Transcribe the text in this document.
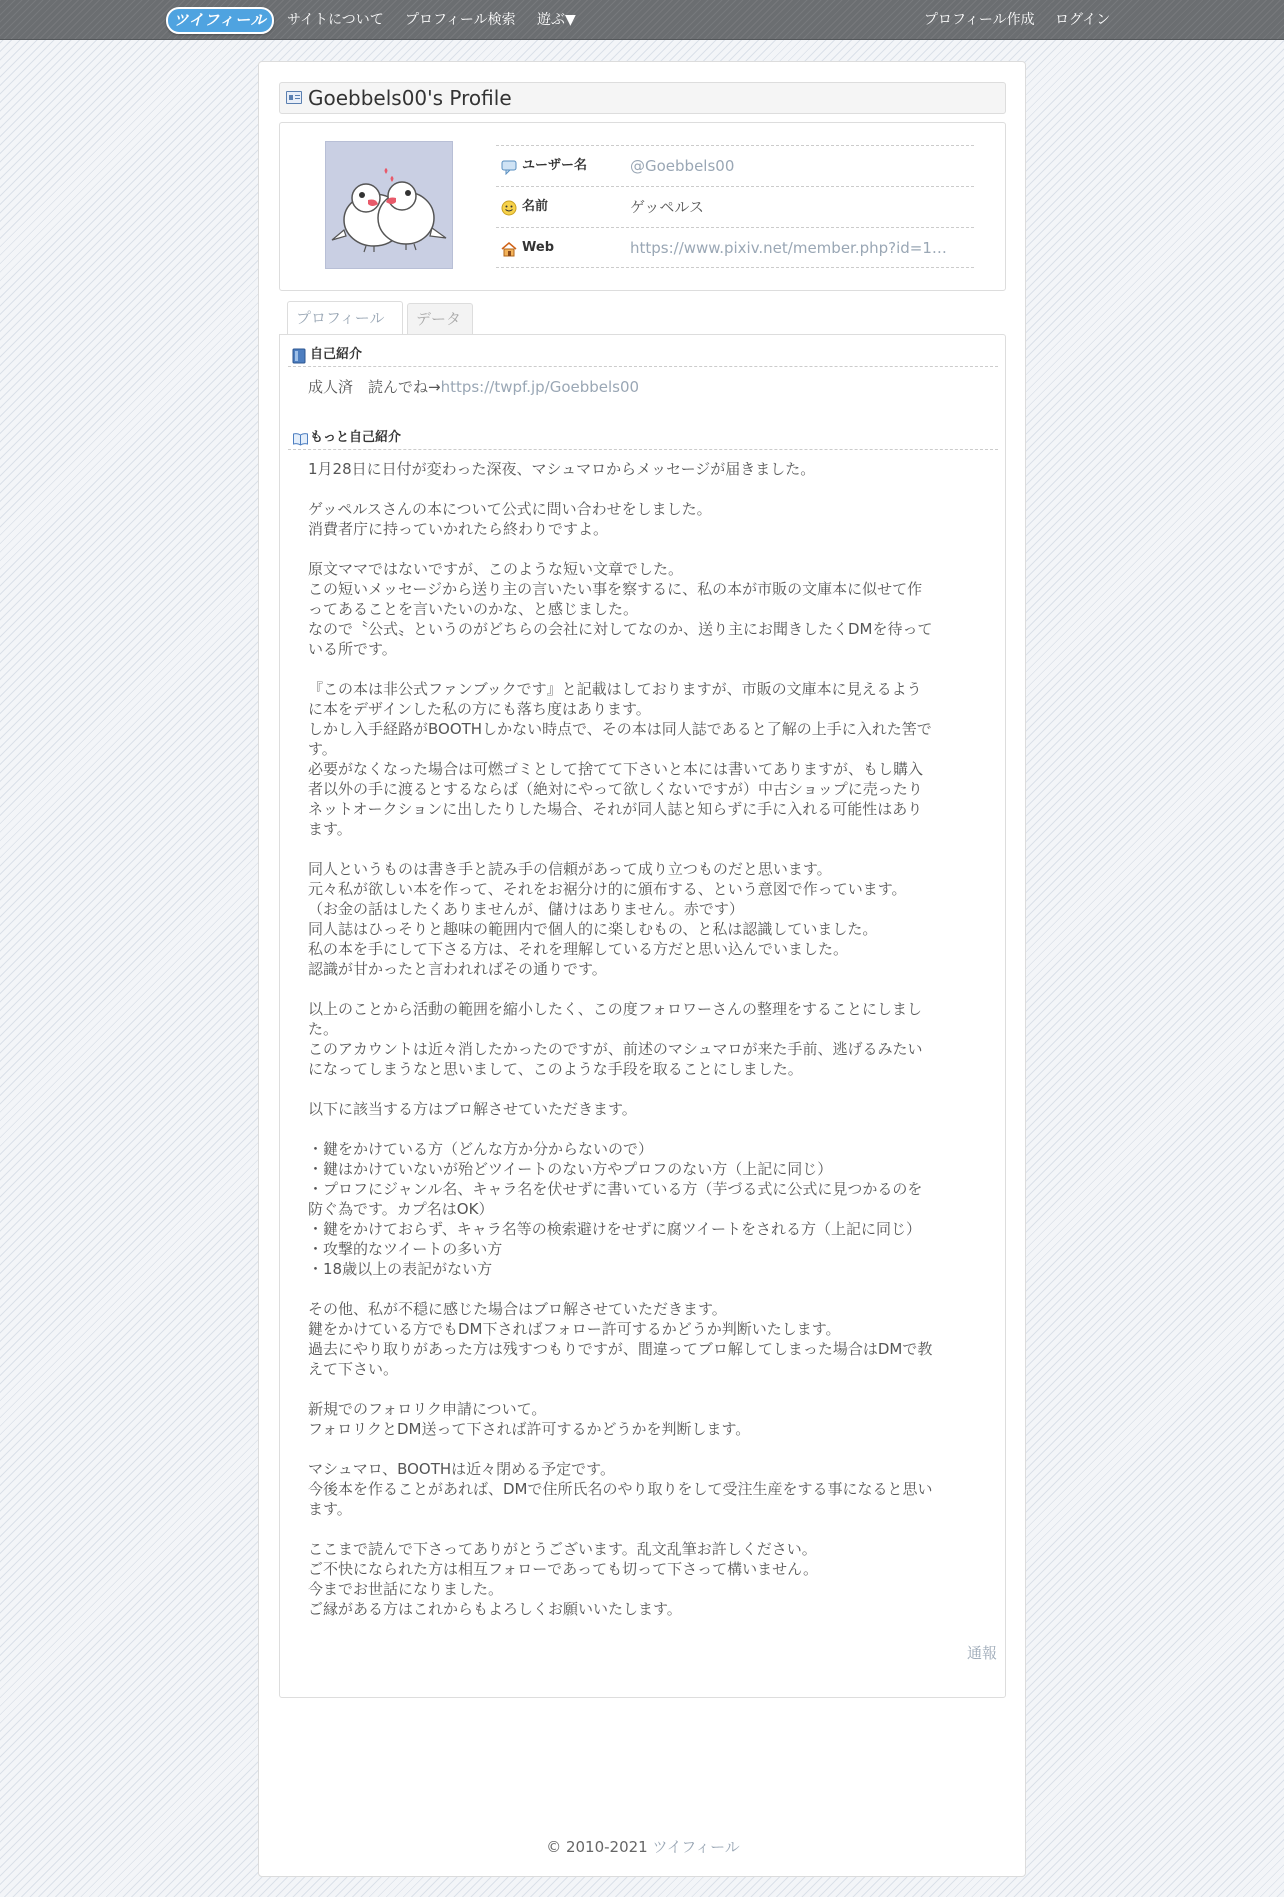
ツイフィール	サイトについて プロフィール検索 遊ぶ▼	プロフィール作成 ログイン
Goebbels00's Profile
ユーザー名	@Goebbels00
名前	ゲッペルス
Web	https://www.pixiv.net/member.php?id=1…
プロフィール	データ
自己紹介
成人済　読んでね→https://twpf.jp/Goebbels00
もっと自己紹介
1月28日に日付が変わった深夜、マシュマロからメッセージが届きました。
ゲッペルスさんの本について公式に問い合わせをしました。
消費者庁に持っていかれたら終わりですよ。
原文ママではないですが、このような短い文章でした。
この短いメッセージから送り主の言いたい事を察するに、私の本が市販の文庫本に似せて作
ってあることを言いたいのかな、と感じました。
なので〝公式〟というのがどちらの会社に対してなのか、送り主にお聞きしたくDMを待って
いる所です。
『この本は非公式ファンブックです』と記載はしておりますが、市販の文庫本に見えるよう
に本をデザインした私の方にも落ち度はあります。
しかし入手経路がBOOTHしかない時点で、その本は同人誌であると了解の上手に入れた筈で
す。
必要がなくなった場合は可燃ゴミとして捨てて下さいと本には書いてありますが、もし購入
者以外の手に渡るとするならば（絶対にやって欲しくないですが）中古ショップに売ったり
ネットオークションに出したりした場合、それが同人誌と知らずに手に入れる可能性はあり
ます。
同人というものは書き手と読み手の信頼があって成り立つものだと思います。
元々私が欲しい本を作って、それをお裾分け的に頒布する、という意図で作っています。
（お金の話はしたくありませんが、儲けはありません。赤です）
同人誌はひっそりと趣味の範囲内で個人的に楽しむもの、と私は認識していました。
私の本を手にして下さる方は、それを理解している方だと思い込んでいました。
認識が甘かったと言われればその通りです。
以上のことから活動の範囲を縮小したく、この度フォロワーさんの整理をすることにしまし
た。
このアカウントは近々消したかったのですが、前述のマシュマロが来た手前、逃げるみたい
になってしまうなと思いまして、このような手段を取ることにしました。
以下に該当する方はブロ解させていただきます。
・鍵をかけている方（どんな方か分からないので）
・鍵はかけていないが殆どツイートのない方やプロフのない方（上記に同じ）
・プロフにジャンル名、キャラ名を伏せずに書いている方（芋づる式に公式に見つかるのを
防ぐ為です。カプ名はOK）
・鍵をかけておらず、キャラ名等の検索避けをせずに腐ツイートをされる方（上記に同じ）
・攻撃的なツイートの多い方
・18歳以上の表記がない方
その他、私が不穏に感じた場合はブロ解させていただきます。
鍵をかけている方でもDM下さればフォロー許可するかどうか判断いたします。
過去にやり取りがあった方は残すつもりですが、間違ってブロ解してしまった場合はDMで教
えて下さい。
新規でのフォロリク申請について。
フォロリクとDM送って下されば許可するかどうかを判断します。
マシュマロ、BOOTHは近々閉める予定です。
今後本を作ることがあれば、DMで住所氏名のやり取りをして受注生産をする事になると思い
ます。
ここまで読んで下さってありがとうございます。乱文乱筆お許しください。
ご不快になられた方は相互フォローであっても切って下さって構いません。
今までお世話になりました。
ご縁がある方はこれからもよろしくお願いいたします。
通報
© 2010-2021 ツイフィール
